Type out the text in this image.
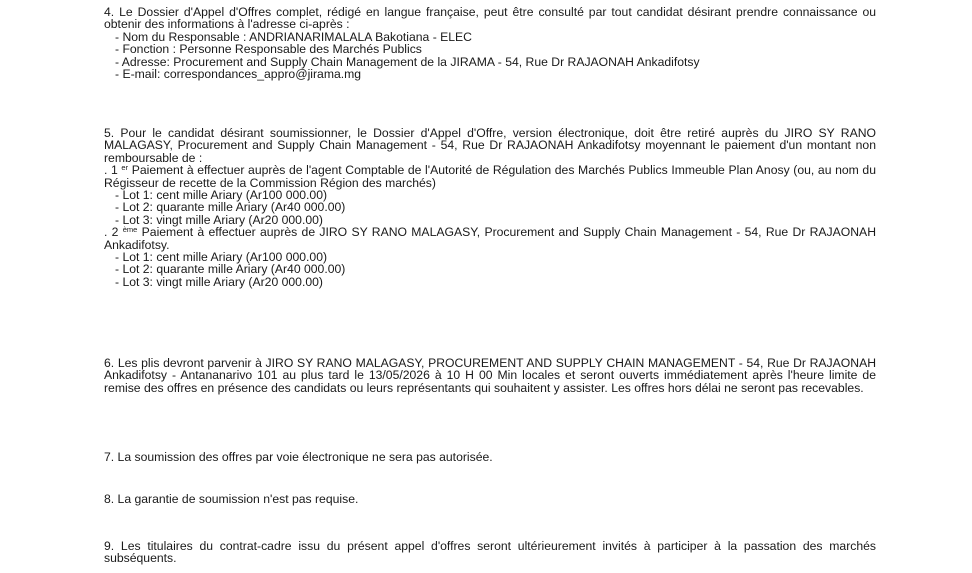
4. Le Dossier d'Appel d'Offres complet, rédigé en langue française, peut être consulté par tout candidat désirant prendre connaissance ou obtenir des informations à l'adresse ci-après :
- Nom du Responsable : ANDRIANARIMALALA Bakotiana - ELEC
- Fonction : Personne Responsable des Marchés Publics
- Adresse: Procurement and Supply Chain Management de la JIRAMA - 54, Rue Dr RAJAONAH Ankadifotsy
- E-mail: correspondances_appro@jirama.mg
5. Pour le candidat désirant soumissionner, le Dossier d'Appel d'Offre, version électronique, doit être retiré auprès du JIRO SY RANO MALAGASY, Procurement and Supply Chain Management - 54, Rue Dr RAJAONAH Ankadifotsy moyennant le paiement d'un montant non remboursable de :
. 1 $^{er}$ Paiement à effectuer auprès de l'agent Comptable de l'Autorité de Régulation des Marchés Publics Immeuble Plan Anosy (ou, au nom du Régisseur de recette de la Commission Région des marchés)
- Lot 1: cent mille Ariary (Ar100 000.00)
- Lot 2: quarante mille Ariary (Ar40 000.00)
- Lot 3: vingt mille Ariary (Ar20 000.00)
. 2 $^{ème}$ Paiement à effectuer auprès de JIRO SY RANO MALAGASY, Procurement and Supply Chain Management - 54, Rue Dr RAJAONAH Ankadifotsy.
- Lot 1: cent mille Ariary (Ar100 000.00)
- Lot 2: quarante mille Ariary (Ar40 000.00)
- Lot 3: vingt mille Ariary (Ar20 000.00)
6. Les plis devront parvenir à JIRO SY RANO MALAGASY, PROCUREMENT AND SUPPLY CHAIN MANAGEMENT - 54, Rue Dr RAJAONAH Ankadifotsy - Antananarivo 101 au plus tard le 13/05/2026 à 10 H 00 Min locales et seront ouverts immédiatement après l'heure limite de remise des offres en présence des candidats ou leurs représentants qui souhaitent y assister. Les offres hors délai ne seront pas recevables.
7. La soumission des offres par voie électronique ne sera pas autorisée.
8. La garantie de soumission n'est pas requise.
9. Les titulaires du contrat-cadre issu du présent appel d'offres seront ultérieurement invités à participer à la passation des marchés subséquents.
